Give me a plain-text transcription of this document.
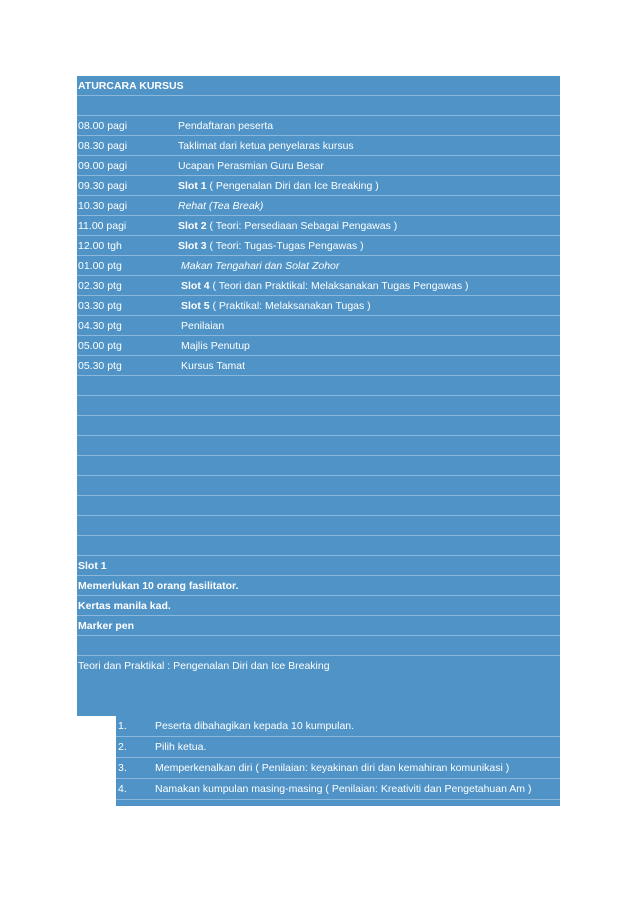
ATURCARA KURSUS
08.00 pagi	Pendaftaran peserta
08.30 pagi	Taklimat dari ketua penyelaras kursus
09.00 pagi	Ucapan Perasmian Guru Besar
09.30 pagi	Slot 1 ( Pengenalan Diri dan Ice Breaking )
10.30 pagi	Rehat (Tea Break)
11.00 pagi	Slot 2 ( Teori: Persediaan Sebagai Pengawas )
12.00 tgh	Slot 3 ( Teori: Tugas-Tugas Pengawas )
01.00 ptg	Makan Tengahari dan Solat Zohor
02.30 ptg	Slot 4 ( Teori dan Praktikal: Melaksanakan Tugas Pengawas )
03.30 ptg	Slot 5 ( Praktikal: Melaksanakan Tugas )
04.30 ptg	Penilaian
05.00 ptg	Majlis Penutup
05.30 ptg	Kursus Tamat
Slot 1
Memerlukan 10 orang fasilitator.
Kertas manila kad.
Marker pen
Teori dan Praktikal : Pengenalan Diri dan Ice Breaking
1.	Peserta dibahagikan kepada 10 kumpulan.
2.	Pilih ketua.
3.	Memperkenalkan diri ( Penilaian: keyakinan diri dan kemahiran komunikasi )
4.	Namakan kumpulan masing-masing ( Penilaian: Kreativiti dan Pengetahuan Am )
